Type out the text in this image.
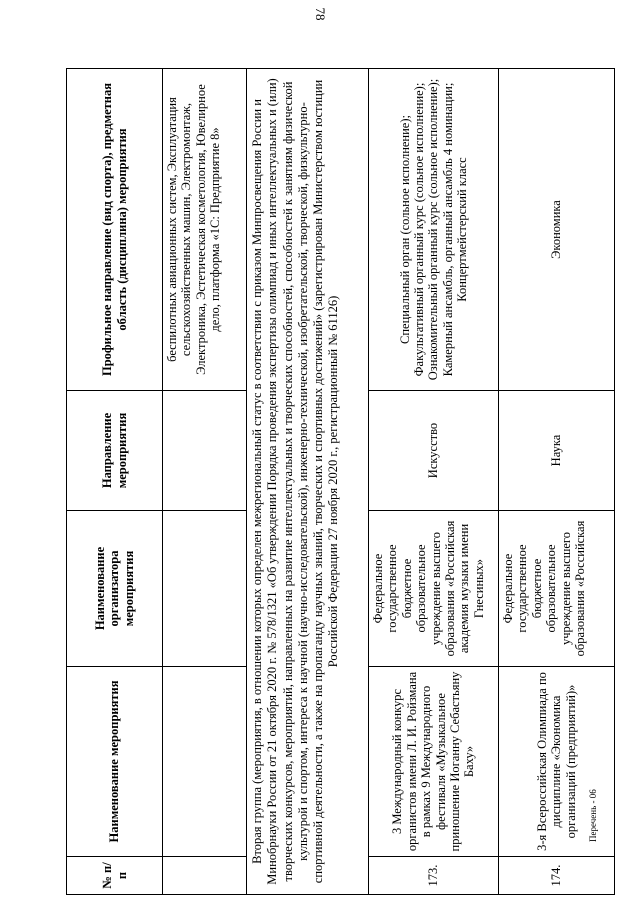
78
№ п/п	Наименование мероприятия	Наименование организатора мероприятия	Направление мероприятия	Профильное направление (вид спорта), предметная область (дисциплина) мероприятия
				беспилотных авиационных систем, Эксплуатация сельскохозяйственных машин, Электромонтаж, Электроника, Эстетическая косметология, Ювелирное дело, платформа «1С: Предприятие 8»
Вторая группа (мероприятия, в отношении которых определен межрегиональный статус в соответствии с приказом Минпросвещения России и Минобрнауки России от 21 октября 2020 г. № 578/1321 «Об утверждении Порядка проведения экспертизы олимпиад и иных интеллектуальных и (или) творческих конкурсов, мероприятий, направленных на развитие интеллектуальных и творческих способностей, способностей к занятиям физической культурой и спортом, интереса к научной (научно-исследовательской), инженерно-технической, изобретательской, творческой, физкультурно-спортивной деятельности, а также на пропаганду научных знаний, творческих и спортивных достижений» (зарегистрирован Министерством юстиции Российской Федерации 27 ноября 2020 г., регистрационный № 61126)				
173.	3 Международный конкурс органистов имени Л. И. Ройзмана в рамках 9 Международного фестиваля «Музыкальное приношение Иоганну Себастьяну Баху»	Федеральное государственное бюджетное образовательное учреждение высшего образования «Российская академия музыки имени Гнесиных»	Искусство	Специальный орган (сольное исполнение); Факультативный органный курс (сольное исполнение); Ознакомительный органный курс (сольное исполнение); Камерный ансамбль, органный ансамбль 4 номинации; Концертмейстерский класс
174.	3-я Всероссийская Олимпиада по дисциплине «Экономика организаций (предприятий)»	Федеральное государственное бюджетное образовательное учреждение высшего образования «Российская	Наука	Экономика
Перечень - 06
